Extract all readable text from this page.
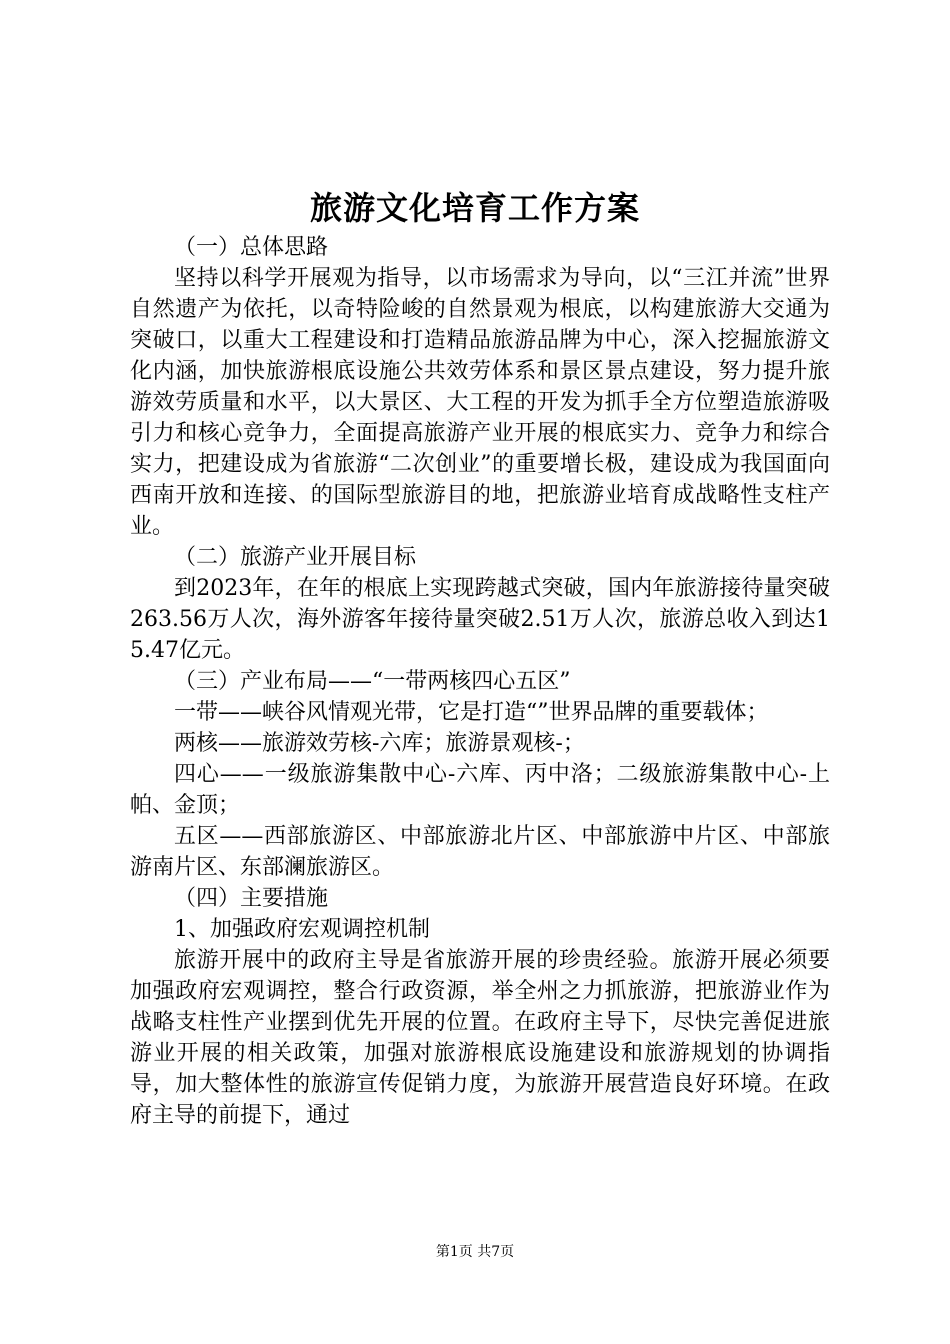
旅游文化培育工作方案

（一）总体思路

坚持以科学开展观为指导，以市场需求为导向，以“三江并流”世界自然遗产为依托，以奇特险峻的自然景观为根底，以构建旅游大交通为突破口，以重大工程建设和打造精品旅游品牌为中心，深入挖掘旅游文化内涵，加快旅游根底设施公共效劳体系和景区景点建设，努力提升旅游效劳质量和水平，以大景区、大工程的开发为抓手全方位塑造旅游吸引力和核心竞争力，全面提高旅游产业开展的根底实力、竞争力和综合实力，把建设成为省旅游“二次创业”的重要增长极，建设成为我国面向西南开放和连接、的国际型旅游目的地，把旅游业培育成战略性支柱产业。

（二）旅游产业开展目标

到2023年，在年的根底上实现跨越式突破，国内年旅游接待量突破263.56万人次，海外游客年接待量突破2.51万人次，旅游总收入到达15.47亿元。

（三）产业布局——“一带两核四心五区”

一带——峡谷风情观光带，它是打造“”世界品牌的重要载体；

两核——旅游效劳核-六库；旅游景观核-；

四心——一级旅游集散中心-六库、丙中洛；二级旅游集散中心-上帕、金顶；

五区——西部旅游区、中部旅游北片区、中部旅游中片区、中部旅游南片区、东部澜旅游区。

（四）主要措施

1、加强政府宏观调控机制

旅游开展中的政府主导是省旅游开展的珍贵经验。旅游开展必须要加强政府宏观调控，整合行政资源，举全州之力抓旅游，把旅游业作为战略支柱性产业摆到优先开展的位置。在政府主导下，尽快完善促进旅游业开展的相关政策，加强对旅游根底设施建设和旅游规划的协调指导，加大整体性的旅游宣传促销力度，为旅游开展营造良好环境。在政府主导的前提下，通过

第1页 共7页
